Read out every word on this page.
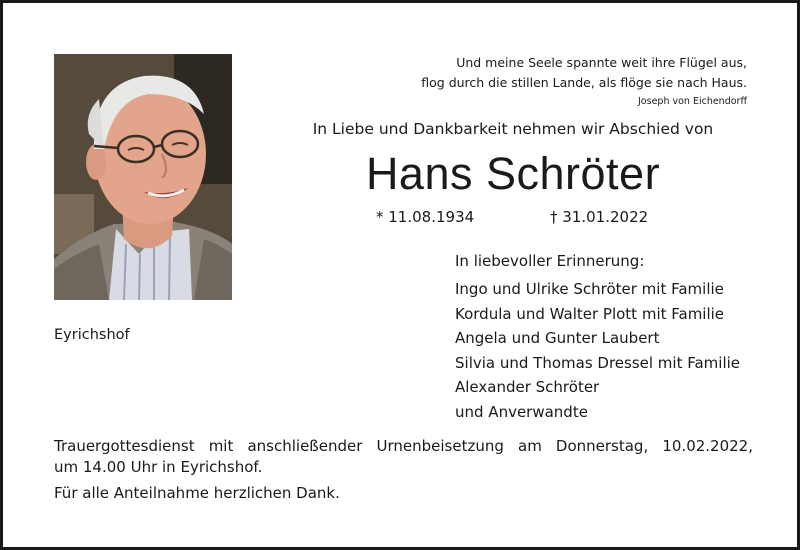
Und meine Seele spannte weit ihre Flügel aus,
flog durch die stillen Lande, als flöge sie nach Haus.
Joseph von Eichendorff
In Liebe und Dankbarkeit nehmen wir Abschied von
Hans Schröter
* 11.08.1934	† 31.01.2022
Eyrichshof
In liebevoller Erinnerung:
Ingo und Ulrike Schröter mit Familie
Kordula und Walter Plott mit Familie
Angela und Gunter Laubert
Silvia und Thomas Dressel mit Familie
Alexander Schröter
und Anverwandte
Trauergottesdienst mit anschließender Urnenbeisetzung am Donnerstag, 10.02.2022,
um 14.00 Uhr in Eyrichshof.
Für alle Anteilnahme herzlichen Dank.
